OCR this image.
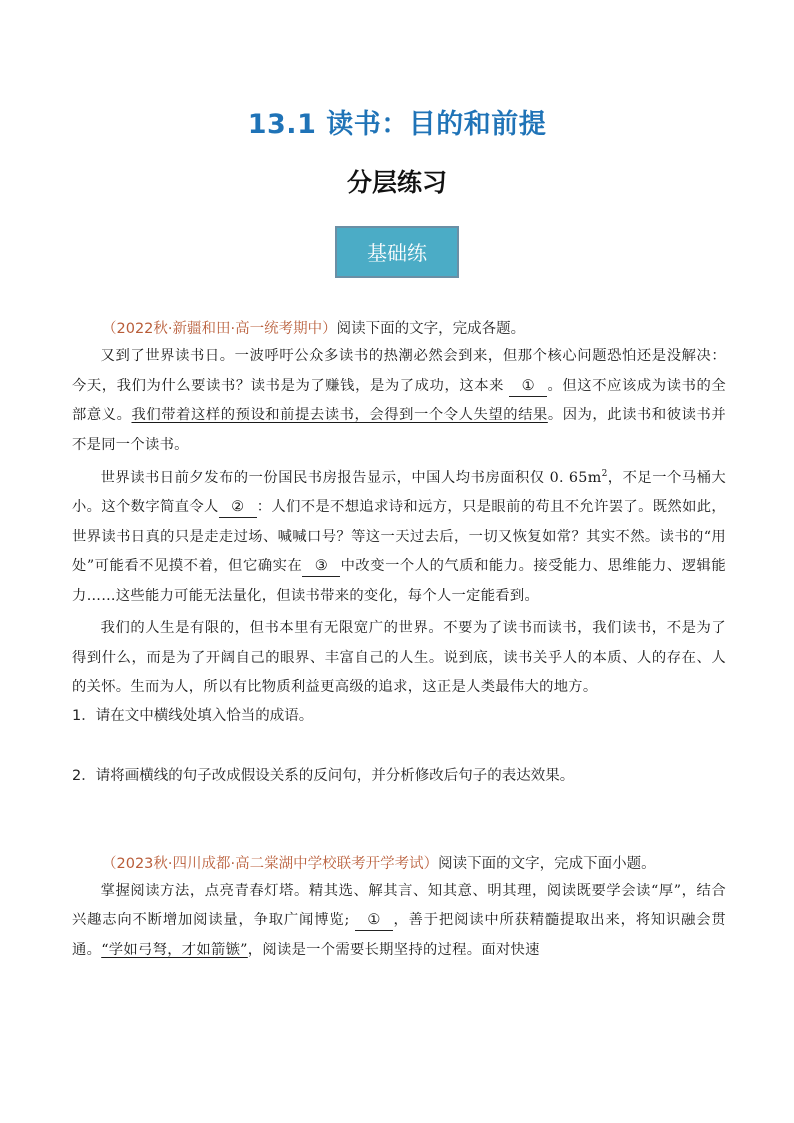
13.1 读书：目的和前提
分层练习
基础练
（2022秋·新疆和田·高一统考期中）阅读下面的文字，完成各题。

又到了世界读书日。一波呼吁公众多读书的热潮必然会到来，但那个核心问题恐怕还是没解决：今天，我们为什么要读书？读书是为了赚钱，是为了成功，这本来 ① 。但这不应该成为读书的全部意义。我们带着这样的预设和前提去读书，会得到一个令人失望的结果。因为，此读书和彼读书并不是同一个读书。

世界读书日前夕发布的一份国民书房报告显示，中国人均书房面积仅 0. $65m^2$，不足一个马桶大小。这个数字简直令人 ② ：人们不是不想追求诗和远方，只是眼前的苟且不允许罢了。既然如此，世界读书日真的只是走走过场、喊喊口号？等这一天过去后，一切又恢复如常？其实不然。读书的“用处”可能看不见摸不着，但它确实在 ③ 中改变一个人的气质和能力。接受能力、思维能力、逻辑能力……这些能力可能无法量化，但读书带来的变化，每个人一定能看到。

我们的人生是有限的，但书本里有无限宽广的世界。不要为了读书而读书，我们读书，不是为了得到什么，而是为了开阔自己的眼界、丰富自己的人生。说到底，读书关乎人的本质、人的存在、人的关怀。生而为人，所以有比物质利益更高级的追求，这正是人类最伟大的地方。

1．请在文中横线处填入恰当的成语。
2．请将画横线的句子改成假设关系的反问句，并分析修改后句子的表达效果。
（2023秋·四川成都·高二棠湖中学校联考开学考试）阅读下面的文字，完成下面小题。

掌握阅读方法，点亮青春灯塔。精其选、解其言、知其意、明其理，阅读既要学会读“厚”，结合兴趣志向不断增加阅读量，争取广闻博览; ① ，善于把阅读中所获精髓提取出来，将知识融会贯通。“学如弓弩，才如箭镞”，阅读是一个需要长期坚持的过程。面对快速
